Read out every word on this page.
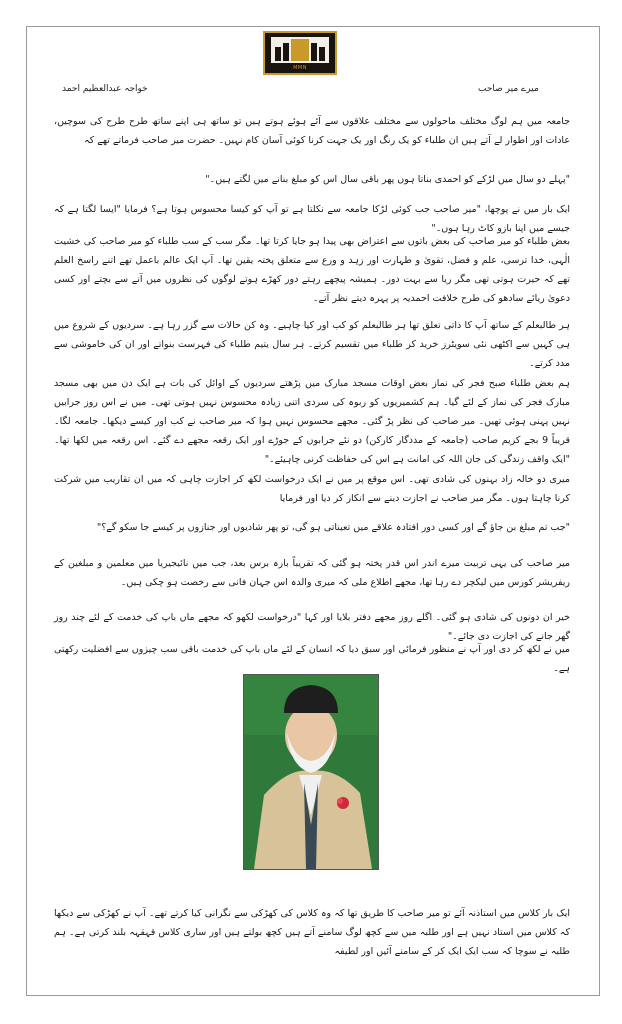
MMN
خواجہ عبدالعظیم احمد	میرے میر صاحب

جامعہ میں ہم لوگ مختلف ماحولوں سے مختلف علاقوں سے آئے ہوئے ہوتے ہیں تو ساتھ ہی اپنے ساتھ طرح طرح کی سوچیں، عادات اور اطوار لے آتے ہیں ان طلباء کو یک رنگ اور یک جہت کرنا کوئی آسان کام نہیں۔ حضرت میر صاحب فرماتے تھے کہ

"پہلے دو سال میں لڑکے کو احمدی بناتا ہوں پھر باقی سال اس کو مبلغ بنانے میں لگتے ہیں۔"

ایک بار میں نے پوچھا، "میر صاحب جب کوئی لڑکا جامعہ سے نکلتا ہے تو آپ کو کیسا محسوس ہوتا ہے؟ فرمایا "ایسا لگتا ہے کہ جیسے میں اپنا بازو کاٹ رہا ہوں۔"

بعض طلباء کو میر صاحب کی بعض باتوں سے اعتراض بھی پیدا ہو جایا کرتا تھا۔ مگر سب کے سب طلباء کو میر صاحب کی خشیت الٰہی، خدا ترسی، علم و فضل، تقویٰ و طہارت اور زہد و ورع سے متعلق پختہ یقین تھا۔ آپ ایک عالم باعمل تھے اتنے راسخ العلم تھے کہ حیرت ہوتی تھی مگر ریا سے بہت دور۔ ہمیشہ پیچھے رہتے دور کھڑے ہوتے لوگوں کی نظروں میں آنے سے بچتے اور کسی دعویٰ ریائے سادھو کی طرح خلافت احمدیہ پر پہرہ دیتے نظر آتے۔

ہر طالبعلم کے ساتھ آپ کا ذاتی تعلق تھا ہر طالبعلم کو کب اور کیا چاہیے۔ وہ کن حالات سے گزر رہا ہے۔ سردیوں کے شروع میں ہی کہیں سے اکٹھی نئی سویٹرز خرید کر طلباء میں تقسیم کرتے۔ ہر سال یتیم طلباء کی فہرست بنواتے اور ان کی خاموشی سے مدد کرتے۔

ہم بعض طلباء صبح فجر کی نماز بعض اوقات مسجد مبارک میں پڑھتے سردیوں کے اوائل کی بات ہے ایک دن میں بھی مسجد مبارک فجر کی نماز کے لئے گیا۔ ہم کشمیریوں کو ربوہ کی سردی اتنی زیادہ محسوس نہیں ہوتی تھی۔ میں نے اس روز جرابیں نہیں پہنی ہوئی تھیں۔ میر صاحب کی نظر پڑ گئی۔ مجھے محسوس نہیں ہوا کہ میر صاحب نے کب اور کیسے دیکھا۔ جامعہ لگا۔ قریباً 9 بجے کریم صاحب (جامعہ کے مددگار کارکن) دو نئے جرابوں کے جوڑے اور ایک رقعہ مجھے دے گئے۔ اس رقعہ میں لکھا تھا۔ "ایک واقف زندگی کی جان اللہ کی امانت ہے اس کی حفاظت کرنی چاہیئے۔"

میری دو خالہ زاد بہنوں کی شادی تھی۔ اس موقع پر میں نے ایک درخواست لکھ کر اجازت چاہی کہ میں ان تقاریب میں شرکت کرنا چاہتا ہوں۔ مگر میر صاحب نے اجازت دینے سے انکار کر دیا اور فرمایا

"جب تم مبلغ بن جاؤ گے اور کسی دور افتادہ علاقے میں تعیناتی ہو گی، تو پھر شادیوں اور جنازوں پر کیسے جا سکو گے؟"

میر صاحب کی یہی تربیت میرے اندر اس قدر پختہ ہو گئی کہ تقریباً بارہ برس بعد، جب میں نائیجیریا میں معلمین و مبلغین کے ریفریشر کورس میں لیکچر دے رہا تھا، مجھے اطلاع ملی کہ میری والدہ اس جہان فانی سے رخصت ہو چکی ہیں۔

خیر ان دونوں کی شادی ہو گئی۔ اگلے روز مجھے دفتر بلایا اور کہا "درخواست لکھو کہ مجھے ماں باپ کی خدمت کے لئے چند روز گھر جانے کی اجازت دی جائے۔"

میں نے لکھ کر دی اور آپ نے منظور فرمائی اور سبق دیا کہ انسان کے لئے ماں باپ کی خدمت باقی سب چیزوں سے افضلیت رکھتی ہے۔

ایک بار کلاس میں استاذنہ آئے تو میر صاحب کا طریق تھا کہ وہ کلاس کی کھڑکی سے نگرانی کیا کرتے تھے۔ آپ نے کھڑکی سے دیکھا کہ کلاس میں استاد نہیں ہے اور طلبہ میں سے کچھ لوگ سامنے آتے ہیں کچھ بولتے ہیں اور ساری کلاس قہقہہ بلند کرتی ہے۔ ہم طلبہ نے سوچا کہ سب ایک ایک کر کے سامنے آئیں اور لطیفہ
